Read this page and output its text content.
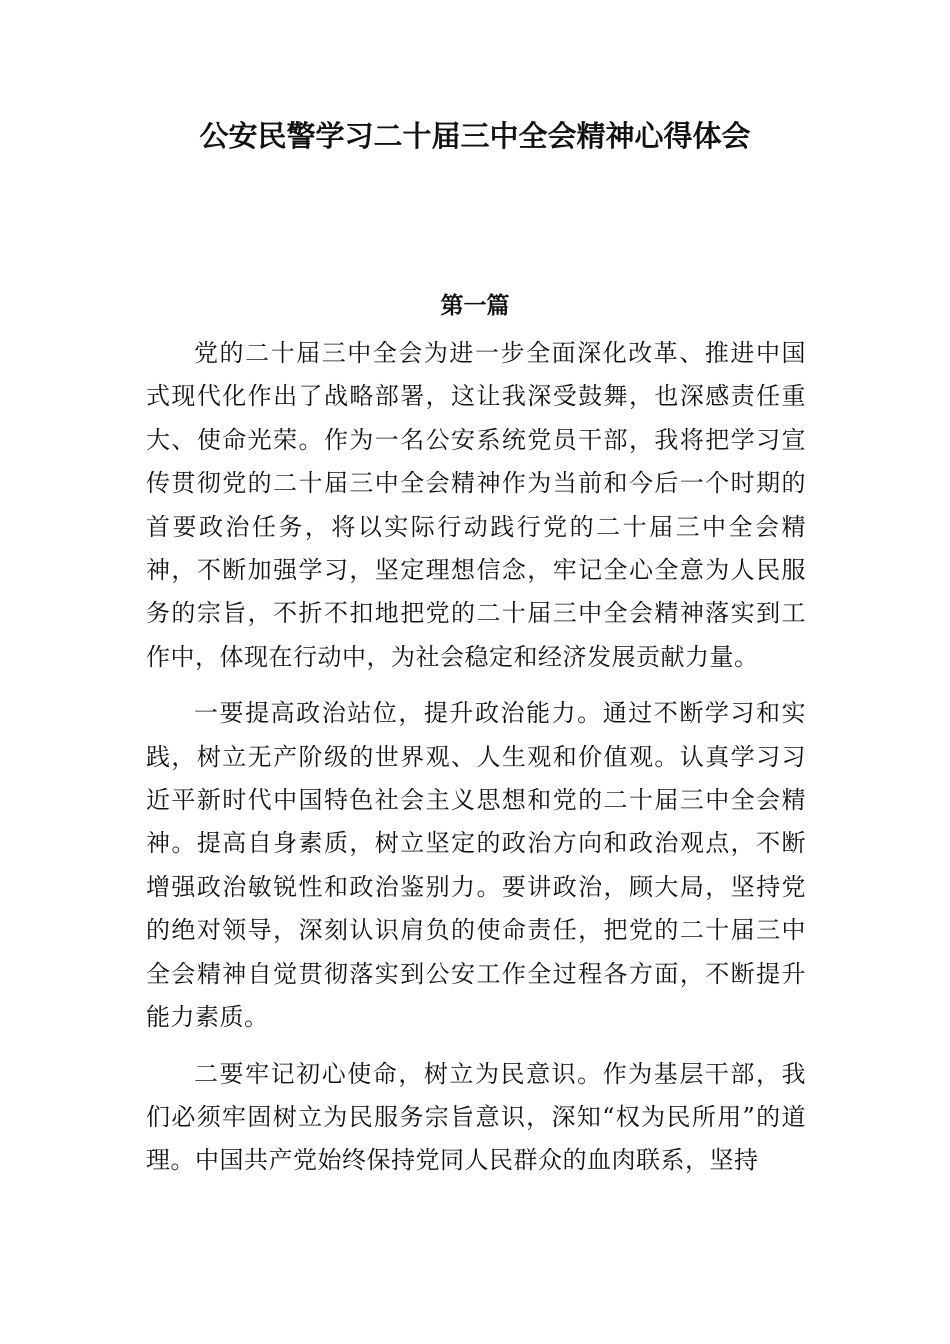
公安民警学习二十届三中全会精神心得体会
第一篇

党的二十届三中全会为进一步全面深化改革、推进中国式现代化作出了战略部署，这让我深受鼓舞，也深感责任重大、使命光荣。作为一名公安系统党员干部，我将把学习宣传贯彻党的二十届三中全会精神作为当前和今后一个时期的首要政治任务，将以实际行动践行党的二十届三中全会精神，不断加强学习，坚定理想信念，牢记全心全意为人民服务的宗旨，不折不扣地把党的二十届三中全会精神落实到工作中，体现在行动中，为社会稳定和经济发展贡献力量。

一要提高政治站位，提升政治能力。通过不断学习和实践，树立无产阶级的世界观、人生观和价值观。认真学习习近平新时代中国特色社会主义思想和党的二十届三中全会精神。提高自身素质，树立坚定的政治方向和政治观点，不断增强政治敏锐性和政治鉴别力。要讲政治，顾大局，坚持党的绝对领导，深刻认识肩负的使命责任，把党的二十届三中全会精神自觉贯彻落实到公安工作全过程各方面，不断提升能力素质。

二要牢记初心使命，树立为民意识。作为基层干部，我们必须牢固树立为民服务宗旨意识，深知“权为民所用”的道理。中国共产党始终保持党同人民群众的血肉联系，坚持
